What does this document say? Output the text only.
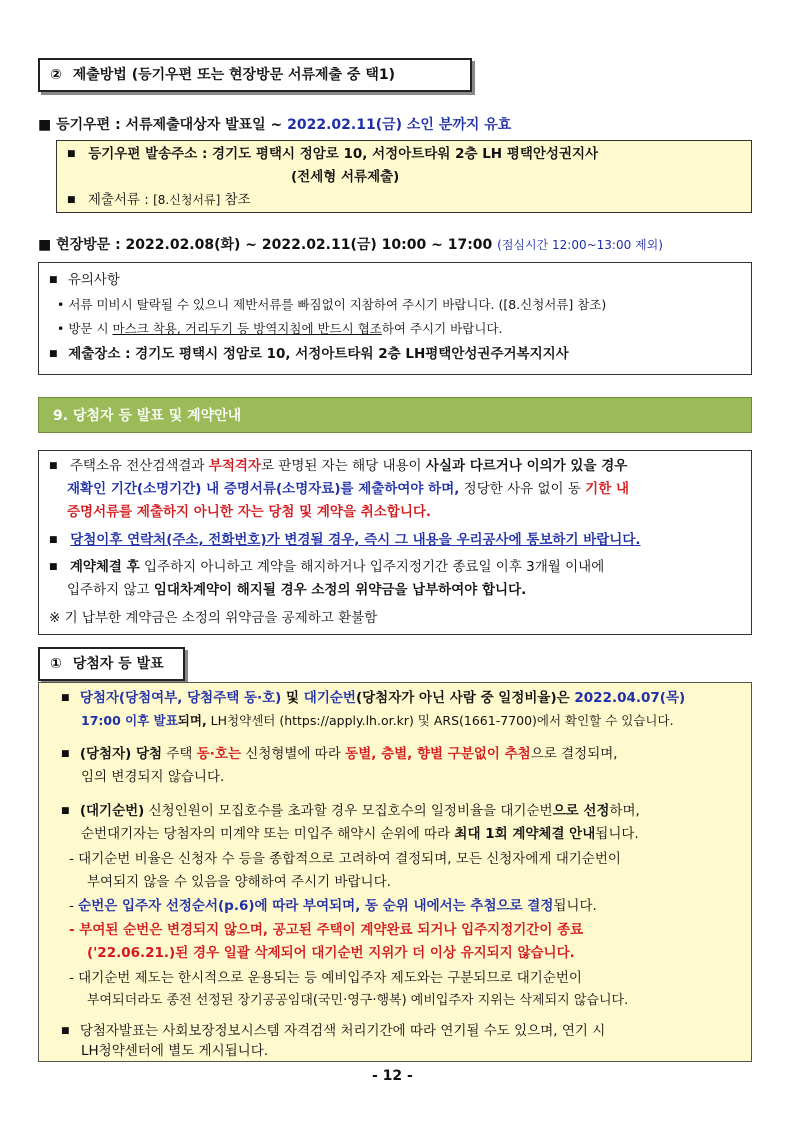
② 제출방법 (등기우편 또는 현장방문 서류제출 중 택1)
■ 등기우편 : 서류제출대상자 발표일 ~ 2022.02.11(금) 소인 분까지 유효
■ 등기우편 발송주소 : 경기도 평택시 정암로 10, 서정아트타워 2층 LH 평택안성권지사
(전세형 서류제출)
■ 제출서류 : [8.신청서류] 참조
■ 현장방문 : 2022.02.08(화) ~ 2022.02.11(금) 10:00 ~ 17:00 (점심시간 12:00~13:00 제외)
■ 유의사항
• 서류 미비시 탈락될 수 있으니 제반서류를 빠짐없이 지참하여 주시기 바랍니다. ([8.신청서류] 참조)
• 방문 시 마스크 착용, 거리두기 등 방역지침에 반드시 협조하여 주시기 바랍니다.
■ 제출장소 : 경기도 평택시 정암로 10, 서정아트타워 2층 LH평택안성권주거복지지사
9. 당첨자 등 발표 및 계약안내
■ 주택소유 전산검색결과 부적격자로 판명된 자는 해당 내용이 사실과 다르거나 이의가 있을 경우
재확인 기간(소명기간) 내 증명서류(소명자료)를 제출하여야 하며, 정당한 사유 없이 동 기한 내
증명서류를 제출하지 아니한 자는 당첨 및 계약을 취소합니다.
■ 당첨이후 연락처(주소, 전화번호)가 변경될 경우, 즉시 그 내용을 우리공사에 통보하기 바랍니다.
■ 계약체결 후 입주하지 아니하고 계약을 해지하거나 입주지정기간 종료일 이후 3개월 이내에
입주하지 않고 임대차계약이 해지될 경우 소정의 위약금을 납부하여야 합니다.
※ 기 납부한 계약금은 소정의 위약금을 공제하고 환불함
① 당첨자 등 발표
■ 당첨자(당첨여부, 당첨주택 동·호) 및 대기순번(당첨자가 아닌 사람 중 일정비율)은 2022.04.07(목)
17:00 이후 발표되며, LH청약센터 (https://apply.lh.or.kr) 및 ARS(1661-7700)에서 확인할 수 있습니다.
■ (당첨자) 당첨 주택 동·호는 신청형별에 따라 동별, 층별, 향별 구분없이 추첨으로 결정되며,
임의 변경되지 않습니다.
■ (대기순번) 신청인원이 모집호수를 초과할 경우 모집호수의 일정비율을 대기순번으로 선정하며,
순번대기자는 당첨자의 미계약 또는 미입주 해약시 순위에 따라 최대 1회 계약체결 안내됩니다.
- 대기순번 비율은 신청자 수 등을 종합적으로 고려하여 결정되며, 모든 신청자에게 대기순번이
부여되지 않을 수 있음을 양해하여 주시기 바랍니다.
- 순번은 입주자 선정순서(p.6)에 따라 부여되며, 동 순위 내에서는 추첨으로 결정됩니다.
- 부여된 순번은 변경되지 않으며, 공고된 주택이 계약완료 되거나 입주지정기간이 종료
('22.06.21.)된 경우 일괄 삭제되어 대기순번 지위가 더 이상 유지되지 않습니다.
- 대기순번 제도는 한시적으로 운용되는 등 예비입주자 제도와는 구분되므로 대기순번이
부여되더라도 종전 선정된 장기공공임대(국민·영구·행복) 예비입주자 지위는 삭제되지 않습니다.
■ 당첨자발표는 사회보장정보시스템 자격검색 처리기간에 따라 연기될 수도 있으며, 연기 시
LH청약센터에 별도 게시됩니다.
- 12 -
